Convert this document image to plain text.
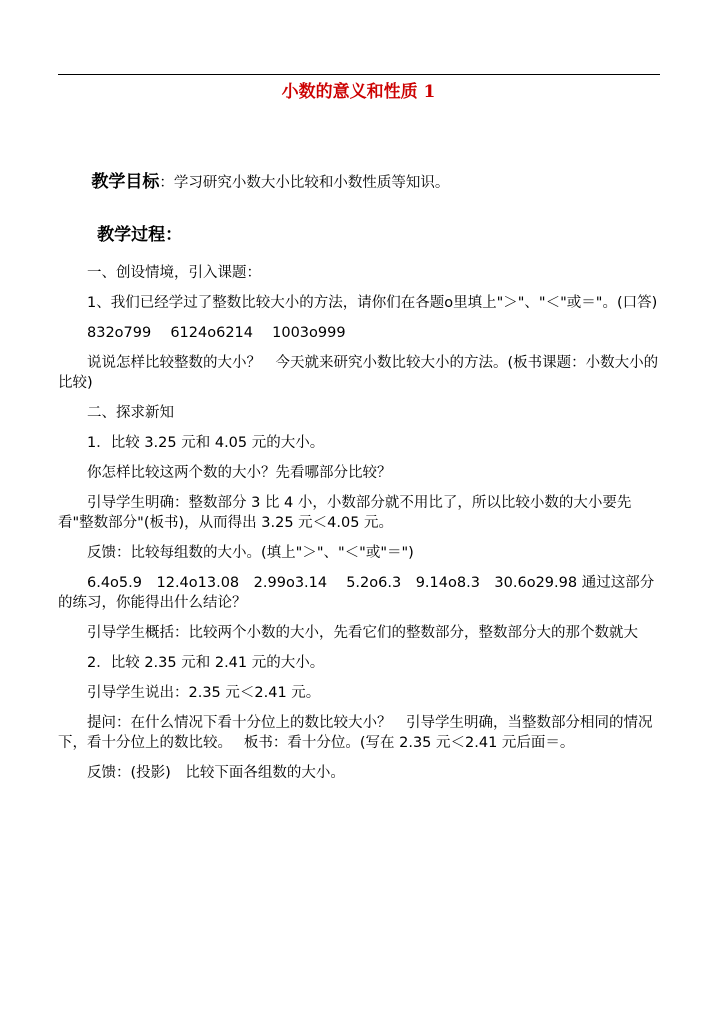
小数的意义和性质 1

教学目标：学习研究小数大小比较和小数性质等知识。

教学过程：

一、创设情境，引入课题：

1、我们已经学过了整数比较大小的方法，请你们在各题o里填上"＞"、"＜"或＝"。(口答)

832o799　 6124o6214　 1003o999

说说怎样比较整数的大小？　今天就来研究小数比较大小的方法。(板书课题：小数大小的比较)

二、探求新知

1．比较 3.25 元和 4.05 元的大小。

你怎样比较这两个数的大小？先看哪部分比较？

引导学生明确：整数部分 3 比 4 小，小数部分就不用比了，所以比较小数的大小要先看"整数部分"(板书)，从而得出 3.25 元＜4.05 元。

反馈：比较每组数的大小。(填上"＞"、"＜"或"＝")

6.4o5.9　12.4o13.08　2.99o3.14　 5.2o6.3　9.14o8.3　30.6o29.98 通过这部分的练习，你能得出什么结论？

引导学生概括：比较两个小数的大小，先看它们的整数部分，整数部分大的那个数就大

2．比较 2.35 元和 2.41 元的大小。

引导学生说出：2.35 元＜2.41 元。

提问：在什么情况下看十分位上的数比较大小？　引导学生明确，当整数部分相同的情况下，看十分位上的数比较。　 板书：看十分位。(写在 2.35 元＜2.41 元后面＝。

反馈：(投影)　比较下面各组数的大小。
